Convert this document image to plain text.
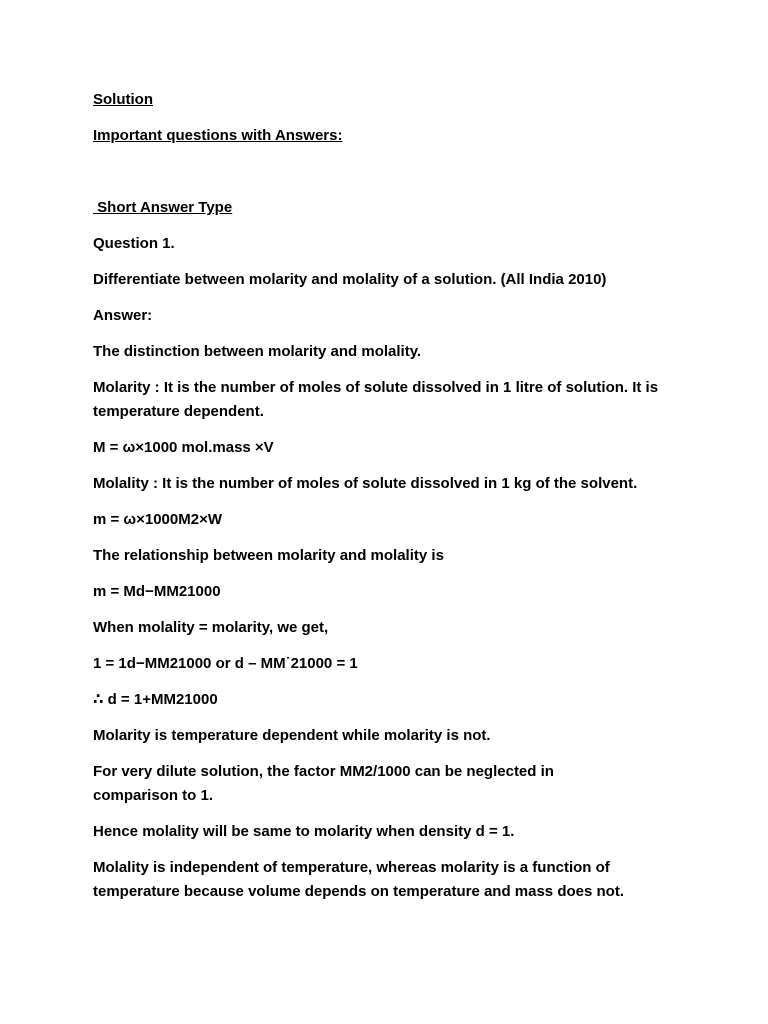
Solution

Important questions with Answers:

Short Answer Type

Question 1.

Differentiate between molarity and molality of a solution. (All India 2010)

Answer:

The distinction between molarity and molality.

Molarity : It is the number of moles of solute dissolved in 1 litre of solution. It is temperature dependent.

M = ω×1000 mol.mass ×V

Molality : It is the number of moles of solute dissolved in 1 kg of the solvent.

m = ω×1000M2×W

The relationship between molarity and molality is

m = Md−MM21000

When molality = molarity, we get,

1 = 1d−MM21000 or d – MM˙21000 = 1

∴ d = 1+MM21000

Molarity is temperature dependent while molarity is not.

For very dilute solution, the factor MM2/1000 can be neglected in comparison to 1.

Hence molality will be same to molarity when density d = 1.

Molality is independent of temperature, whereas molarity is a function of temperature because volume depends on temperature and mass does not.
